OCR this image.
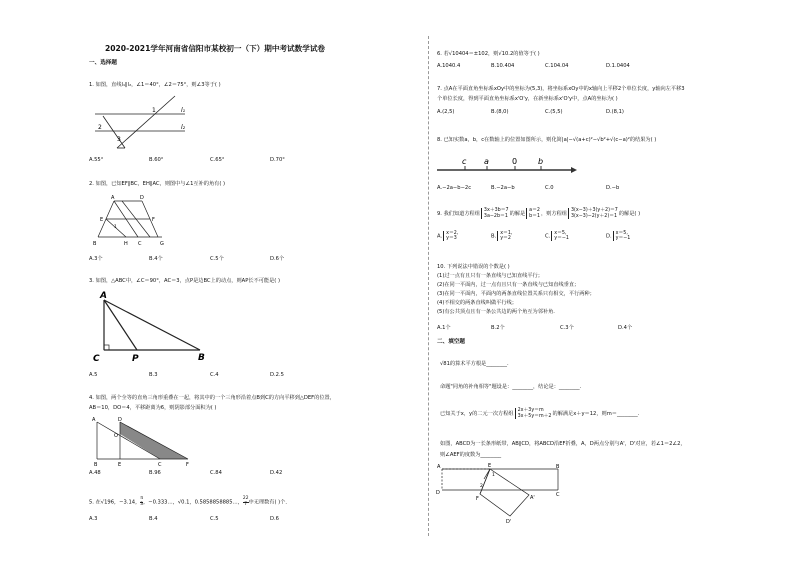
2020-2021学年河南省信阳市某校初一（下）期中考试数学试卷
一、选择题
1. 如图，直线l₁∥l₂，∠1＝40°，∠2＝75°，则∠3等于( )
l₁
l₂
1
2
3
A.55°	B.60°	C.65°	D.70°
2. 如图，已知EF∥BC，EH∥AC，则图中与∠1互补的角有( )
A	D
E	F
B	H C	G
1
A.3个	B.4个	C.5个	D.6个
3. 如图，△ABC中，∠C＝90°，AC＝3，点P是边BC上的动点，则AP长不可能是( )
A
C	P	B
A.5	B.3	C.4	D.2.5
4. 如图，两个全等的直角三角形重叠在一起，将其中的一个三角形沿着点B到C的方向平移到△DEF的位置，
AB＝10，DO＝4，平移距离为6，则阴影部分面积为( )
A	D
O
B	E	C	F
A.48	B.96	C.84	D.42
5. 在√196，−3.14， $\frac{\pi}{3}$ ，−0.333…，√0.1，0.5858858885…， $\frac{22}{7}$ 中无理数有( )个．
A.3	B.4	C.5	D.6
6. 若√10404＝±102，则√10.2的值等于( )
A.1040.4	B.10.404	C.104.04	D.1.0404
7. 点A在平面直角坐标系xOy中的坐标为(5,3)，将坐标系xOy中的x轴向上平移2个单位长度，y轴向左平移3
个单位长度，得到平面直角坐标系x'O'y，在新坐标系x'O'y中，点A的坐标为( )
A.(2,5)	B.(8,0)	C.(5,5)	D.(8,1)
8. 已知实数a，b，c在数轴上的位置如图所示，则化简|a|−√(a+c)²−√b²+√(c−a)²的结果为( )
c a	0	b
A.−2a−b−2c	B.−2a−b	C.0	D.−b
9. 我们知道方程组3x＋3b＝7
3a−2b＝1 的解是a＝2
b＝1，则方程组3(x−3)＋3(y＋2)＝7
3(x−3)−2(y＋2)＝1 的解是( )
A.x＝2,
y＝3	B.x＝1,
y＝2	C.x＝5,
y＝−1	D.x＝5,
y＝−1
10. 下列说法中错误的个数是( )
(1)过一点有且只有一条直线与已知直线平行；
(2)在同一平面内，过一点有且只有一条直线与已知直线垂直；
(3)在同一平面内，平面内的两条直线位置关系只有相交，平行两种；
(4)不相交的两条直线叫做平行线；
(5)有公共顶点且有一条公共边的两个角互为邻补角.
A.1个	B.2个	C.3个	D.4个
二、填空题
√81的算术平方根是________.
命题"同角的补角相等"题设是：________，结论是：________.
已知关于x，y的二元一次方程组2x＋3y＝m
3x＋5y＝m＋2的解满足x＋y＝12，则m＝________.
如图，ABCD为一长条形纸带，AB∥CD，将ABCD沿EF折叠，A，D两点分别与A'，D'对应，若∠1＝2∠2，
则∠AEF的度数为________
A	E	B
D
F
C
1
2
A'
D'
